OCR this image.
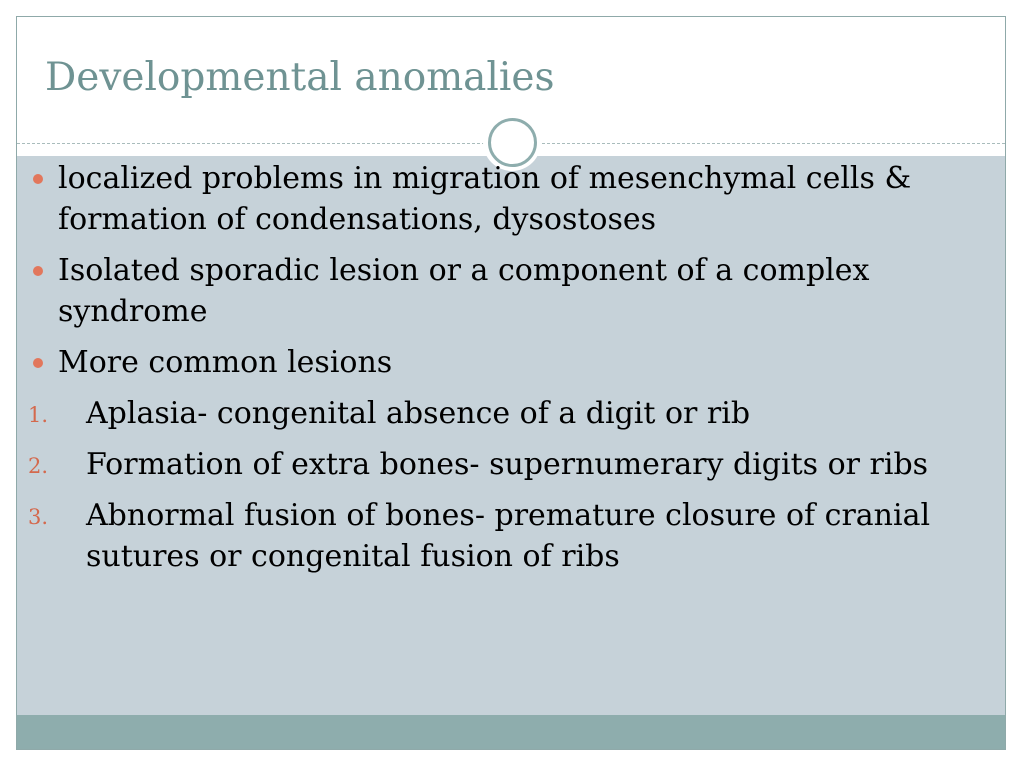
Developmental anomalies
localized problems in migration of mesenchymal cells & formation of condensations, dysostoses
Isolated sporadic lesion or a component of a complex syndrome
More common lesions
1. Aplasia- congenital absence of a digit or rib
2. Formation of extra bones- supernumerary digits or ribs
3. Abnormal fusion of bones- premature closure of cranial sutures or congenital fusion of ribs
